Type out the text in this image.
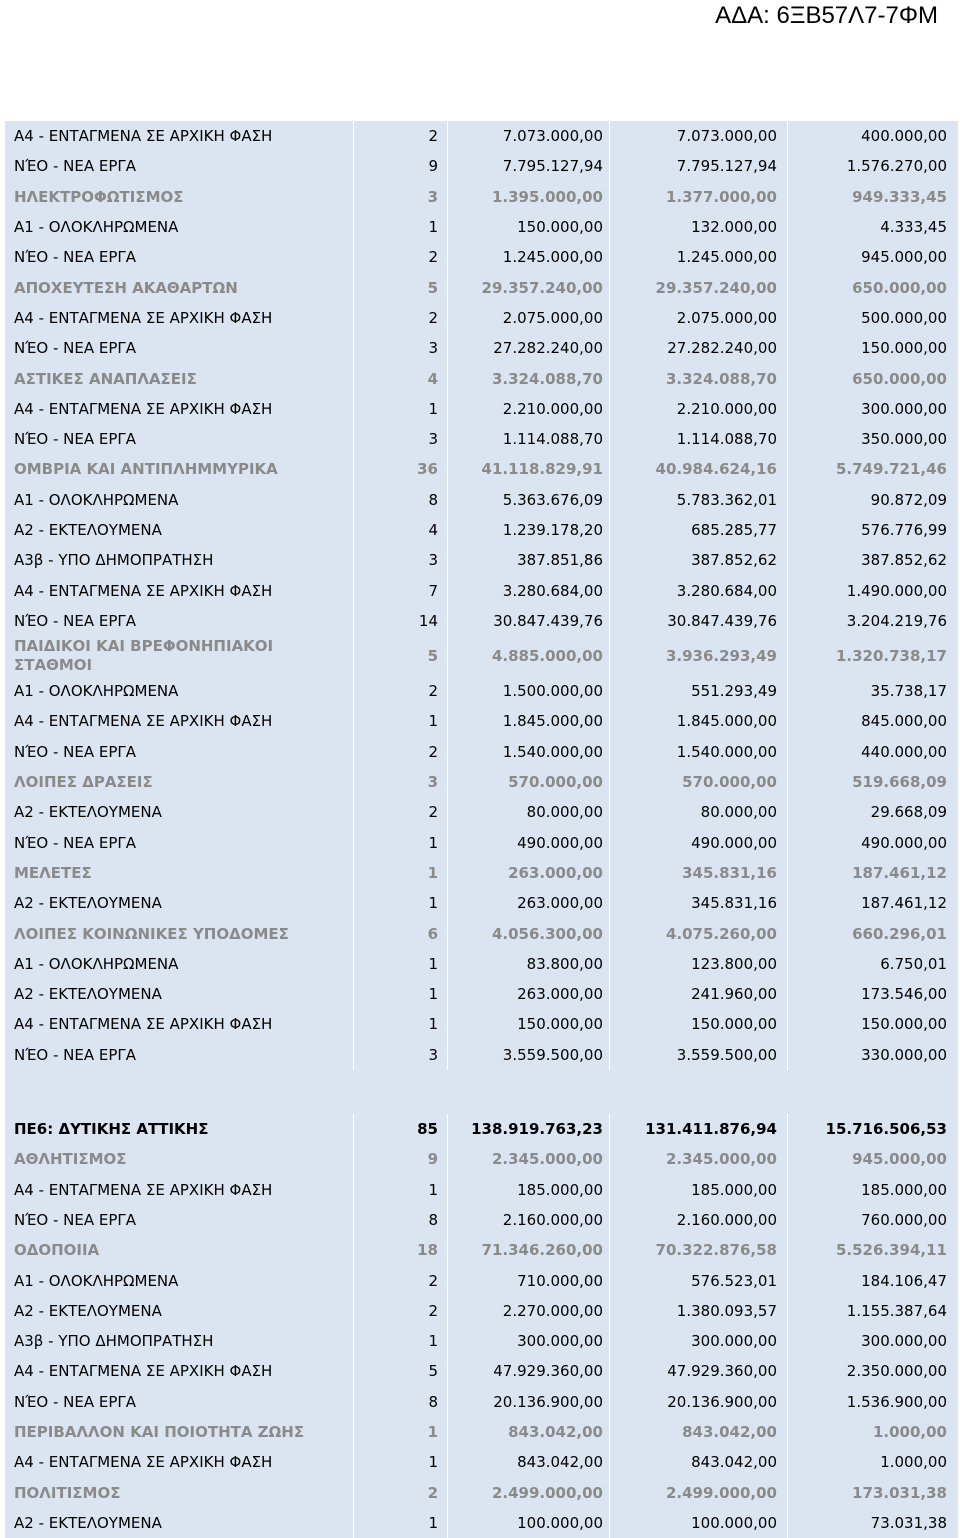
ΑΔΑ: 6ΞΒ57Λ7-7ΦΜ
Α4 - ΕΝΤΑΓΜΕΝΑ ΣΕ ΑΡΧΙΚΗ ΦΑΣΗ	2	7.073.000,00	7.073.000,00	400.000,00
ΝΈΟ - ΝΕΑ ΕΡΓΑ	9	7.795.127,94	7.795.127,94	1.576.270,00
ΗΛΕΚΤΡΟΦΩΤΙΣΜΟΣ	3	1.395.000,00	1.377.000,00	949.333,45
Α1 - ΟΛΟΚΛΗΡΩΜΕΝΑ	1	150.000,00	132.000,00	4.333,45
ΝΈΟ - ΝΕΑ ΕΡΓΑ	2	1.245.000,00	1.245.000,00	945.000,00
ΑΠΟΧΕΥΤΕΣΗ ΑΚΑΘΑΡΤΩΝ	5	29.357.240,00	29.357.240,00	650.000,00
Α4 - ΕΝΤΑΓΜΕΝΑ ΣΕ ΑΡΧΙΚΗ ΦΑΣΗ	2	2.075.000,00	2.075.000,00	500.000,00
ΝΈΟ - ΝΕΑ ΕΡΓΑ	3	27.282.240,00	27.282.240,00	150.000,00
ΑΣΤΙΚΕΣ ΑΝΑΠΛΑΣΕΙΣ	4	3.324.088,70	3.324.088,70	650.000,00
Α4 - ΕΝΤΑΓΜΕΝΑ ΣΕ ΑΡΧΙΚΗ ΦΑΣΗ	1	2.210.000,00	2.210.000,00	300.000,00
ΝΈΟ - ΝΕΑ ΕΡΓΑ	3	1.114.088,70	1.114.088,70	350.000,00
ΟΜΒΡΙΑ ΚΑΙ ΑΝΤΙΠΛΗΜΜΥΡΙΚΑ	36	41.118.829,91	40.984.624,16	5.749.721,46
Α1 - ΟΛΟΚΛΗΡΩΜΕΝΑ	8	5.363.676,09	5.783.362,01	90.872,09
Α2 - ΕΚΤΕΛΟΥΜΕΝΑ	4	1.239.178,20	685.285,77	576.776,99
Α3β - ΥΠΟ ΔΗΜΟΠΡΑΤΗΣΗ	3	387.851,86	387.852,62	387.852,62
Α4 - ΕΝΤΑΓΜΕΝΑ ΣΕ ΑΡΧΙΚΗ ΦΑΣΗ	7	3.280.684,00	3.280.684,00	1.490.000,00
ΝΈΟ - ΝΕΑ ΕΡΓΑ	14	30.847.439,76	30.847.439,76	3.204.219,76
ΠΑΙΔΙΚΟΙ ΚΑΙ ΒΡΕΦΟΝΗΠΙΑΚΟΙ ΣΤΑΘΜΟΙ	5	4.885.000,00	3.936.293,49	1.320.738,17
Α1 - ΟΛΟΚΛΗΡΩΜΕΝΑ	2	1.500.000,00	551.293,49	35.738,17
Α4 - ΕΝΤΑΓΜΕΝΑ ΣΕ ΑΡΧΙΚΗ ΦΑΣΗ	1	1.845.000,00	1.845.000,00	845.000,00
ΝΈΟ - ΝΕΑ ΕΡΓΑ	2	1.540.000,00	1.540.000,00	440.000,00
ΛΟΙΠΕΣ ΔΡΑΣΕΙΣ	3	570.000,00	570.000,00	519.668,09
Α2 - ΕΚΤΕΛΟΥΜΕΝΑ	2	80.000,00	80.000,00	29.668,09
ΝΈΟ - ΝΕΑ ΕΡΓΑ	1	490.000,00	490.000,00	490.000,00
ΜΕΛΕΤΕΣ	1	263.000,00	345.831,16	187.461,12
Α2 - ΕΚΤΕΛΟΥΜΕΝΑ	1	263.000,00	345.831,16	187.461,12
ΛΟΙΠΕΣ ΚΟΙΝΩΝΙΚΕΣ ΥΠΟΔΟΜΕΣ	6	4.056.300,00	4.075.260,00	660.296,01
Α1 - ΟΛΟΚΛΗΡΩΜΕΝΑ	1	83.800,00	123.800,00	6.750,01
Α2 - ΕΚΤΕΛΟΥΜΕΝΑ	1	263.000,00	241.960,00	173.546,00
Α4 - ΕΝΤΑΓΜΕΝΑ ΣΕ ΑΡΧΙΚΗ ΦΑΣΗ	1	150.000,00	150.000,00	150.000,00
ΝΈΟ - ΝΕΑ ΕΡΓΑ	3	3.559.500,00	3.559.500,00	330.000,00
ΠΕ6: ΔΥΤΙΚΗΣ ΑΤΤΙΚΗΣ	85	138.919.763,23	131.411.876,94	15.716.506,53
ΑΘΛΗΤΙΣΜΟΣ	9	2.345.000,00	2.345.000,00	945.000,00
Α4 - ΕΝΤΑΓΜΕΝΑ ΣΕ ΑΡΧΙΚΗ ΦΑΣΗ	1	185.000,00	185.000,00	185.000,00
ΝΈΟ - ΝΕΑ ΕΡΓΑ	8	2.160.000,00	2.160.000,00	760.000,00
ΟΔΟΠΟΙΙΑ	18	71.346.260,00	70.322.876,58	5.526.394,11
Α1 - ΟΛΟΚΛΗΡΩΜΕΝΑ	2	710.000,00	576.523,01	184.106,47
Α2 - ΕΚΤΕΛΟΥΜΕΝΑ	2	2.270.000,00	1.380.093,57	1.155.387,64
Α3β - ΥΠΟ ΔΗΜΟΠΡΑΤΗΣΗ	1	300.000,00	300.000,00	300.000,00
Α4 - ΕΝΤΑΓΜΕΝΑ ΣΕ ΑΡΧΙΚΗ ΦΑΣΗ	5	47.929.360,00	47.929.360,00	2.350.000,00
ΝΈΟ - ΝΕΑ ΕΡΓΑ	8	20.136.900,00	20.136.900,00	1.536.900,00
ΠΕΡΙΒΑΛΛΟΝ ΚΑΙ ΠΟΙΟΤΗΤΑ ΖΩΗΣ	1	843.042,00	843.042,00	1.000,00
Α4 - ΕΝΤΑΓΜΕΝΑ ΣΕ ΑΡΧΙΚΗ ΦΑΣΗ	1	843.042,00	843.042,00	1.000,00
ΠΟΛΙΤΙΣΜΟΣ	2	2.499.000,00	2.499.000,00	173.031,38
Α2 - ΕΚΤΕΛΟΥΜΕΝΑ	1	100.000,00	100.000,00	73.031,38
